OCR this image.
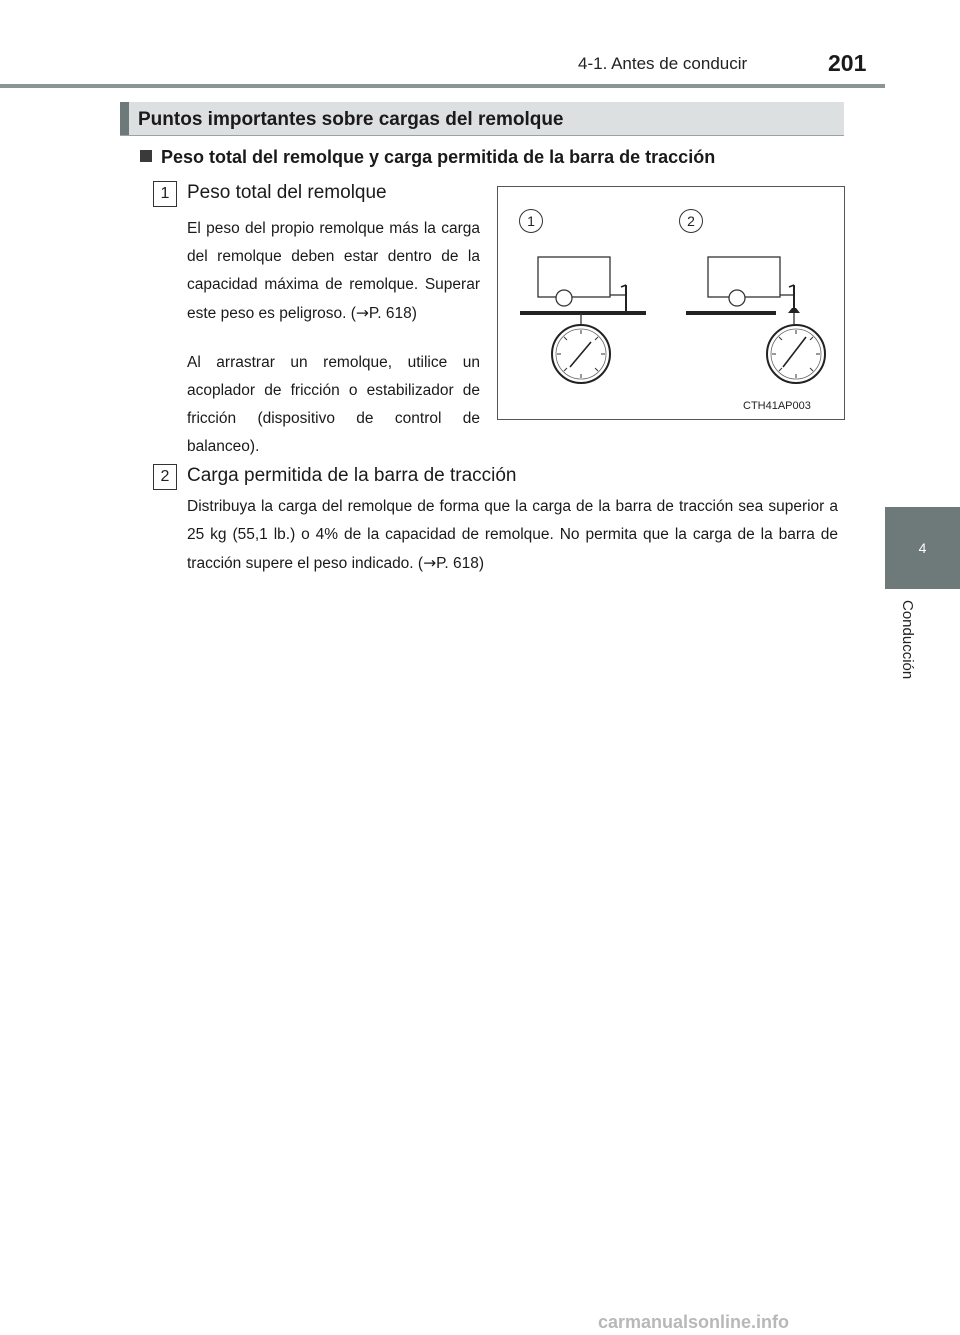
4-1. Antes de conducir	201
4
Conducción
Puntos importantes sobre cargas del remolque
Peso total del remolque y carga permitida de la barra de tracción
1 Peso total del remolque
El peso del propio remolque más la carga del remolque deben estar dentro de la capacidad máxima de remolque. Superar este peso es peligroso. (→P. 618)
Al arrastrar un remolque, utilice un acoplador de fricción o estabilizador de fricción (dispositivo de control de balanceo).
1	2
CTH41AP003
2 Carga permitida de la barra de tracción
Distribuya la carga del remolque de forma que la carga de la barra de tracción sea superior a 25 kg (55,1 lb.) o 4% de la capacidad de remolque. No permita que la carga de la barra de tracción supere el peso indicado. (→P. 618)
carmanualsonline.info
